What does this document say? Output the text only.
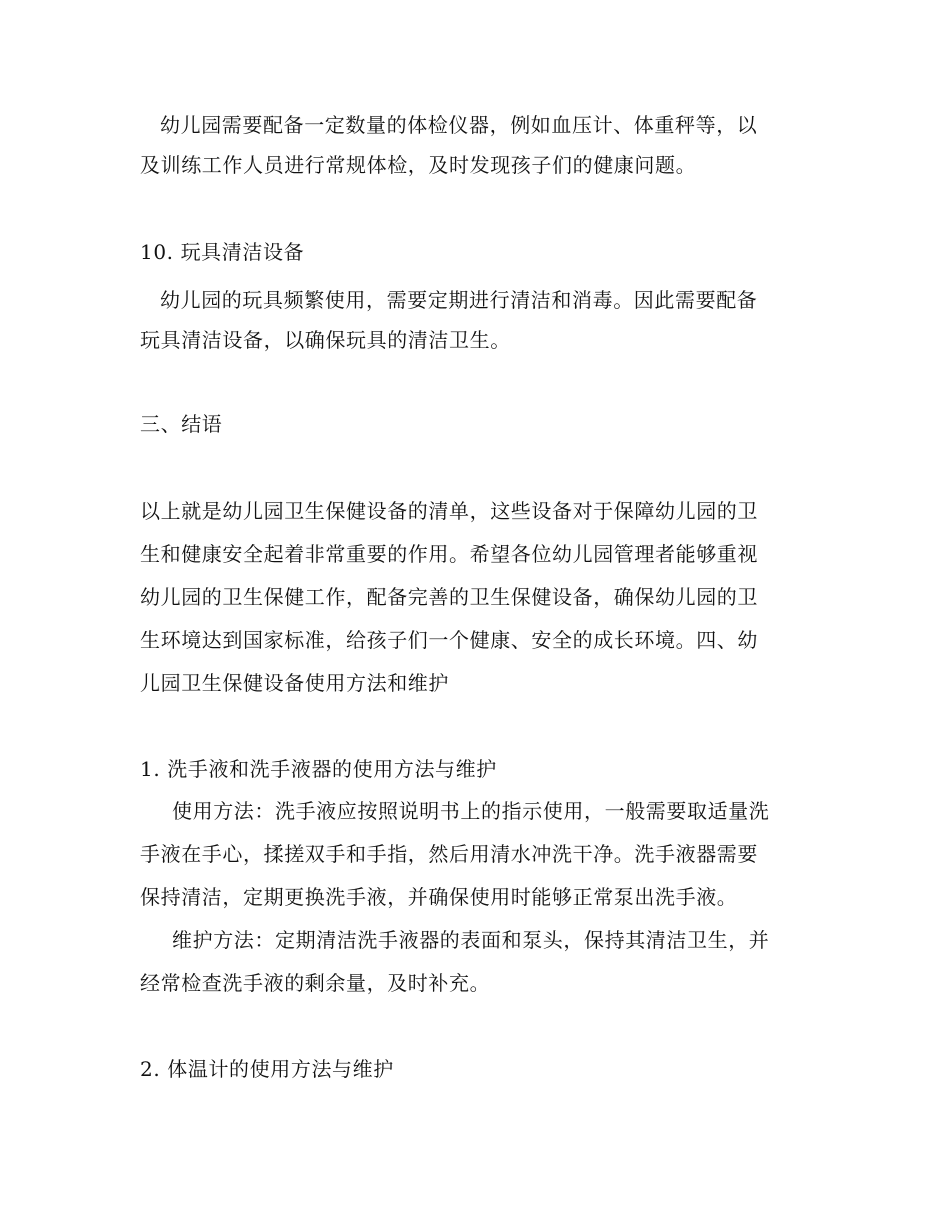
幼儿园需要配备一定数量的体检仪器，例如血压计、体重秤等，以
及训练工作人员进行常规体检，及时发现孩子们的健康问题。
10. 玩具清洁设备
幼儿园的玩具频繁使用，需要定期进行清洁和消毒。因此需要配备
玩具清洁设备，以确保玩具的清洁卫生。
三、结语
以上就是幼儿园卫生保健设备的清单，这些设备对于保障幼儿园的卫
生和健康安全起着非常重要的作用。希望各位幼儿园管理者能够重视
幼儿园的卫生保健工作，配备完善的卫生保健设备，确保幼儿园的卫
生环境达到国家标准，给孩子们一个健康、安全的成长环境。四、幼
儿园卫生保健设备使用方法和维护
1. 洗手液和洗手液器的使用方法与维护
使用方法：洗手液应按照说明书上的指示使用，一般需要取适量洗
手液在手心，揉搓双手和手指，然后用清水冲洗干净。洗手液器需要
保持清洁，定期更换洗手液，并确保使用时能够正常泵出洗手液。
维护方法：定期清洁洗手液器的表面和泵头，保持其清洁卫生，并
经常检查洗手液的剩余量，及时补充。
2. 体温计的使用方法与维护
